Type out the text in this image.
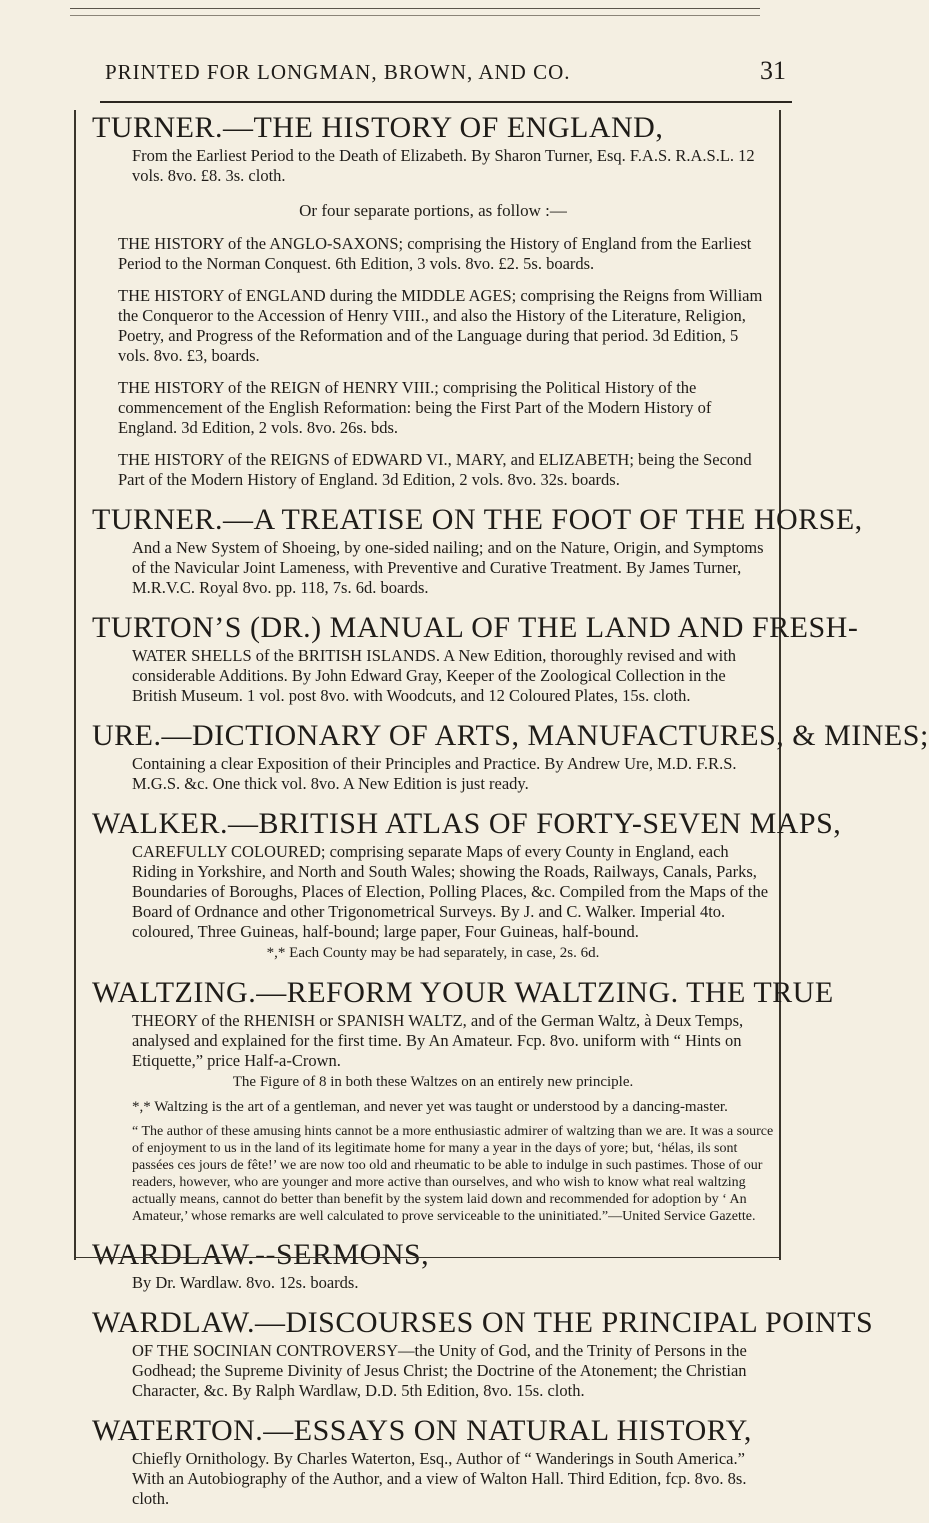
PRINTED FOR LONGMAN, BROWN, AND CO.	31
TURNER.—THE HISTORY OF ENGLAND,
From the Earliest Period to the Death of Elizabeth. By Sharon Turner, Esq. F.A.S. R.A.S.L. 12 vols. 8vo. £8. 3s. cloth.
Or four separate portions, as follow :—
THE HISTORY of the ANGLO-SAXONS; comprising the History of England from the Earliest Period to the Norman Conquest. 6th Edition, 3 vols. 8vo. £2. 5s. boards.
THE HISTORY of ENGLAND during the MIDDLE AGES; comprising the Reigns from William the Conqueror to the Accession of Henry VIII., and also the History of the Literature, Religion, Poetry, and Progress of the Reformation and of the Language during that period. 3d Edition, 5 vols. 8vo. £3, boards.
THE HISTORY of the REIGN of HENRY VIII.; comprising the Political History of the commencement of the English Reformation: being the First Part of the Modern History of England. 3d Edition, 2 vols. 8vo. 26s. bds.
THE HISTORY of the REIGNS of EDWARD VI., MARY, and ELIZABETH; being the Second Part of the Modern History of England. 3d Edition, 2 vols. 8vo. 32s. boards.
TURNER.—A TREATISE ON THE FOOT OF THE HORSE,
And a New System of Shoeing, by one-sided nailing; and on the Nature, Origin, and Symptoms of the Navicular Joint Lameness, with Preventive and Curative Treatment. By James Turner, M.R.V.C. Royal 8vo. pp. 118, 7s. 6d. boards.
TURTON’S (DR.) MANUAL OF THE LAND AND FRESH-
WATER SHELLS of the BRITISH ISLANDS. A New Edition, thoroughly revised and with considerable Additions. By John Edward Gray, Keeper of the Zoological Collection in the British Museum. 1 vol. post 8vo. with Woodcuts, and 12 Coloured Plates, 15s. cloth.
URE.—DICTIONARY OF ARTS, MANUFACTURES, & MINES;
Containing a clear Exposition of their Principles and Practice. By Andrew Ure, M.D. F.R.S. M.G.S. &c. One thick vol. 8vo. A New Edition is just ready.
WALKER.—BRITISH ATLAS OF FORTY-SEVEN MAPS,
CAREFULLY COLOURED; comprising separate Maps of every County in England, each Riding in Yorkshire, and North and South Wales; showing the Roads, Railways, Canals, Parks, Boundaries of Boroughs, Places of Election, Polling Places, &c. Compiled from the Maps of the Board of Ordnance and other Trigonometrical Surveys. By J. and C. Walker. Imperial 4to. coloured, Three Guineas, half-bound; large paper, Four Guineas, half-bound.
*,* Each County may be had separately, in case, 2s. 6d.
WALTZING.—REFORM YOUR WALTZING. THE TRUE
THEORY of the RHENISH or SPANISH WALTZ, and of the German Waltz, à Deux Temps, analysed and explained for the first time. By An Amateur. Fcp. 8vo. uniform with “ Hints on Etiquette,” price Half-a-Crown.
The Figure of 8 in both these Waltzes on an entirely new principle.
*,* Waltzing is the art of a gentleman, and never yet was taught or understood by a dancing-master.
“ The author of these amusing hints cannot be a more enthusiastic admirer of waltzing than we are. It was a source of enjoyment to us in the land of its legitimate home for many a year in the days of yore; but, ‘hélas, ils sont passées ces jours de fête!’ we are now too old and rheumatic to be able to indulge in such pastimes. Those of our readers, however, who are younger and more active than ourselves, and who wish to know what real waltzing actually means, cannot do better than benefit by the system laid down and recommended for adoption by ‘ An Amateur,’ whose remarks are well calculated to prove serviceable to the uninitiated.”—United Service Gazette.
WARDLAW.--SERMONS,
By Dr. Wardlaw. 8vo. 12s. boards.
WARDLAW.—DISCOURSES ON THE PRINCIPAL POINTS
OF THE SOCINIAN CONTROVERSY—the Unity of God, and the Trinity of Persons in the Godhead; the Supreme Divinity of Jesus Christ; the Doctrine of the Atonement; the Christian Character, &c. By Ralph Wardlaw, D.D. 5th Edition, 8vo. 15s. cloth.
WATERTON.—ESSAYS ON NATURAL HISTORY,
Chiefly Ornithology. By Charles Waterton, Esq., Author of “ Wanderings in South America.” With an Autobiography of the Author, and a view of Walton Hall. Third Edition, fcp. 8vo. 8s. cloth.
